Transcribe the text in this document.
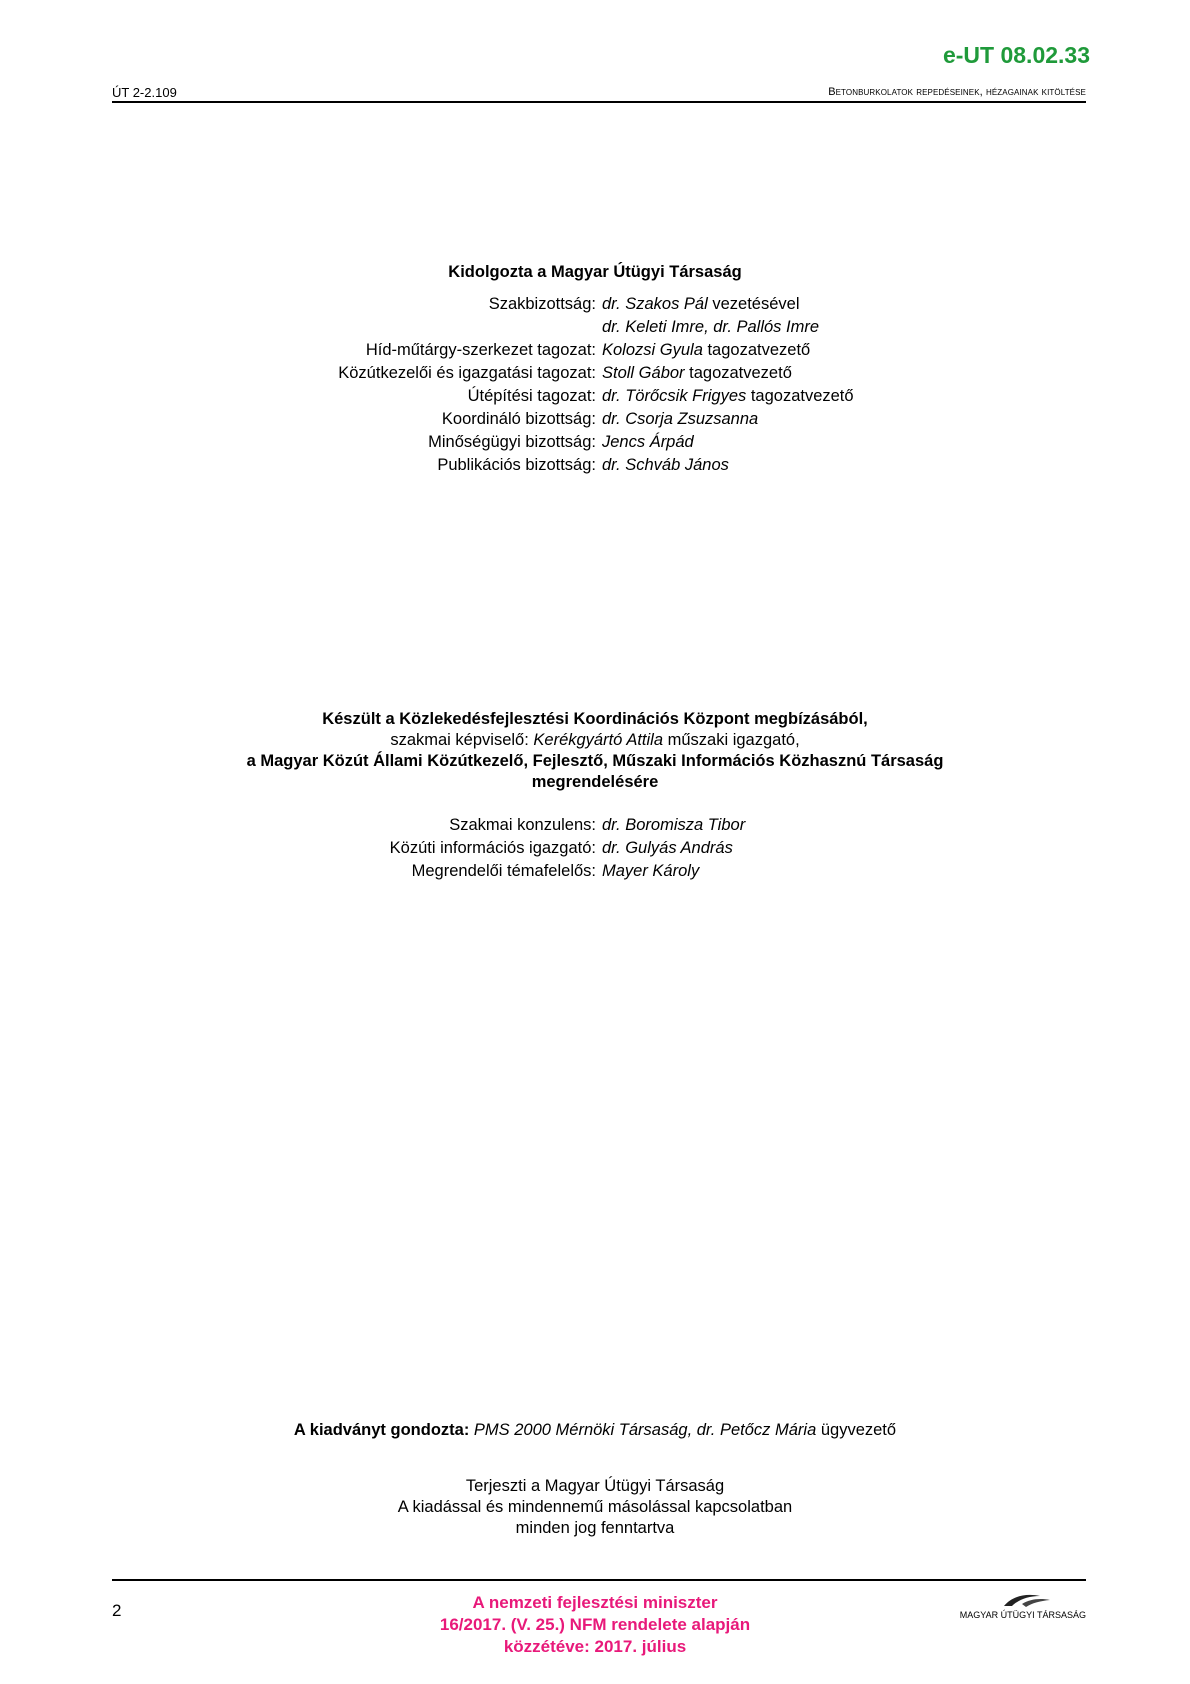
e-UT 08.02.33
ÚT 2-2.109	Betonburkolatok repedéseinek, hézagainak kitöltése
Kidolgozta a Magyar Útügyi Társaság
Szakbizottság: dr. Szakos Pál vezetésével
dr. Keleti Imre, dr. Pallós Imre
Híd-műtárgy-szerkezet tagozat: Kolozsi Gyula tagozatvezető
Közútkezelői és igazgatási tagozat: Stoll Gábor tagozatvezető
Útépítési tagozat: dr. Törőcsik Frigyes tagozatvezető
Koordináló bizottság: dr. Csorja Zsuzsanna
Minőségügyi bizottság: Jencs Árpád
Publikációs bizottság: dr. Schváb János
Készült a Közlekedésfejlesztési Koordinációs Központ megbízásából,
szakmai képviselő: Kerékgyártó Attila műszaki igazgató,
a Magyar Közút Állami Közútkezelő, Fejlesztő, Műszaki Információs Közhasznú Társaság
megrendelésére
Szakmai konzulens: dr. Boromisza Tibor
Közúti információs igazgató: dr. Gulyás András
Megrendelői témafelelős: Mayer Károly
A kiadványt gondozta: PMS 2000 Mérnöki Társaság, dr. Petőcz Mária ügyvezető
Terjeszti a Magyar Útügyi Társaság
A kiadással és mindennemű másolással kapcsolatban
minden jog fenntartva
2	A nemzeti fejlesztési miniszter
16/2017. (V. 25.) NFM rendelete alapján
közzétéve: 2017. július
MAGYAR ÚTÜGYI TÁRSASÁG
